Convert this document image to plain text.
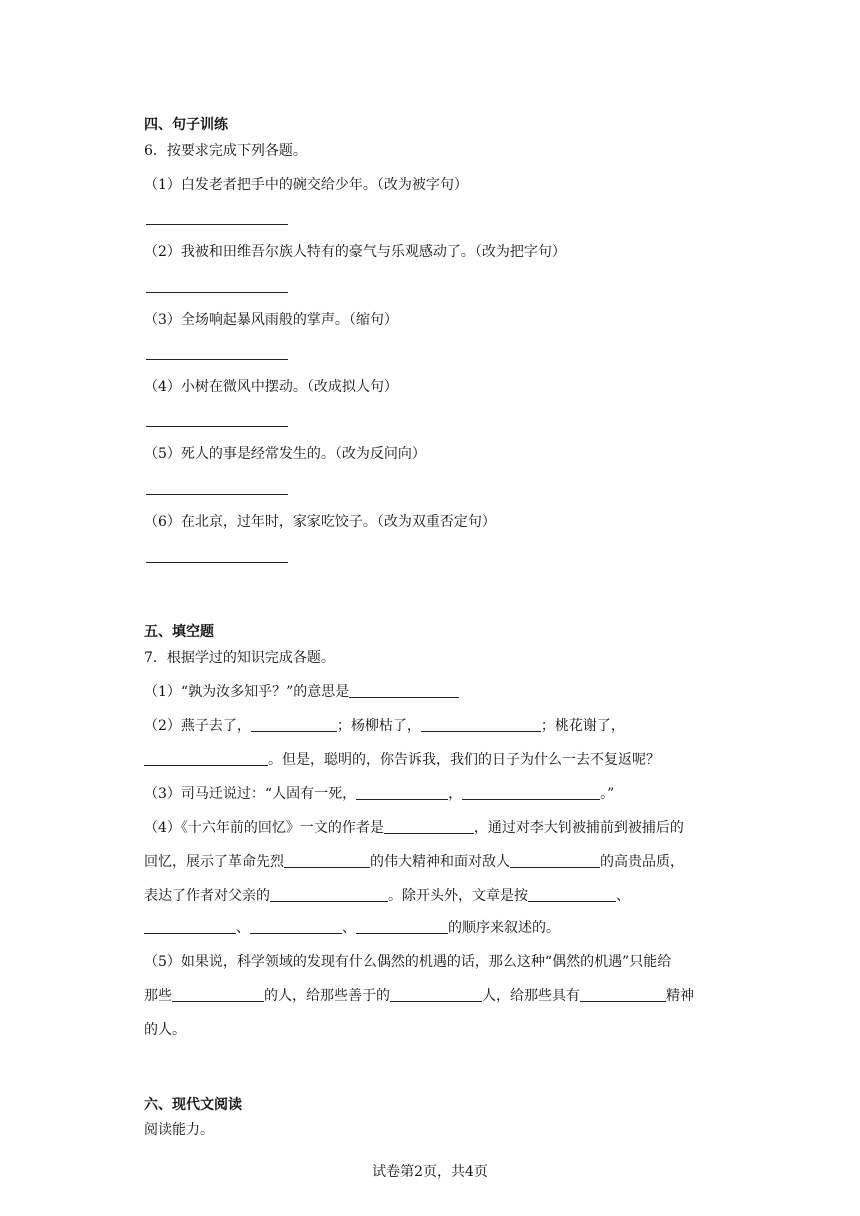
四、句子训练
6．按要求完成下列各题。
（1）白发老者把手中的碗交给少年。（改为被字句）
（2）我被和田维吾尔族人特有的豪气与乐观感动了。（改为把字句）
（3）全场响起暴风雨般的掌声。（缩句）
（4）小树在微风中摆动。（改成拟人句）
（5）死人的事是经常发生的。（改为反问向）
（6）在北京，过年时，家家吃饺子。（改为双重否定句）
五、填空题
7．根据学过的知识完成各题。
（1）“孰为汝多知乎？”的意思是
（2）燕子去了，	；杨柳枯了，	；桃花谢了，
。但是，聪明的，你告诉我，我们的日子为什么一去不复返呢？
（3）司马迁说过：“人固有一死，	，	。”
（4）《十六年前的回忆》一文的作者是	，通过对李大钊被捕前到被捕后的
回忆，展示了革命先烈	的伟大精神和面对敌人	的高贵品质，
表达了作者对父亲的	。除开头外，文章是按	、
、	、	的顺序来叙述的。
（5）如果说，科学领域的发现有什么偶然的机遇的话，那么这种“偶然的机遇”只能给
那些	的人，给那些善于的	人，给那些具有	精神
的人。
六、现代文阅读
阅读能力。
试卷第2页，共4页
